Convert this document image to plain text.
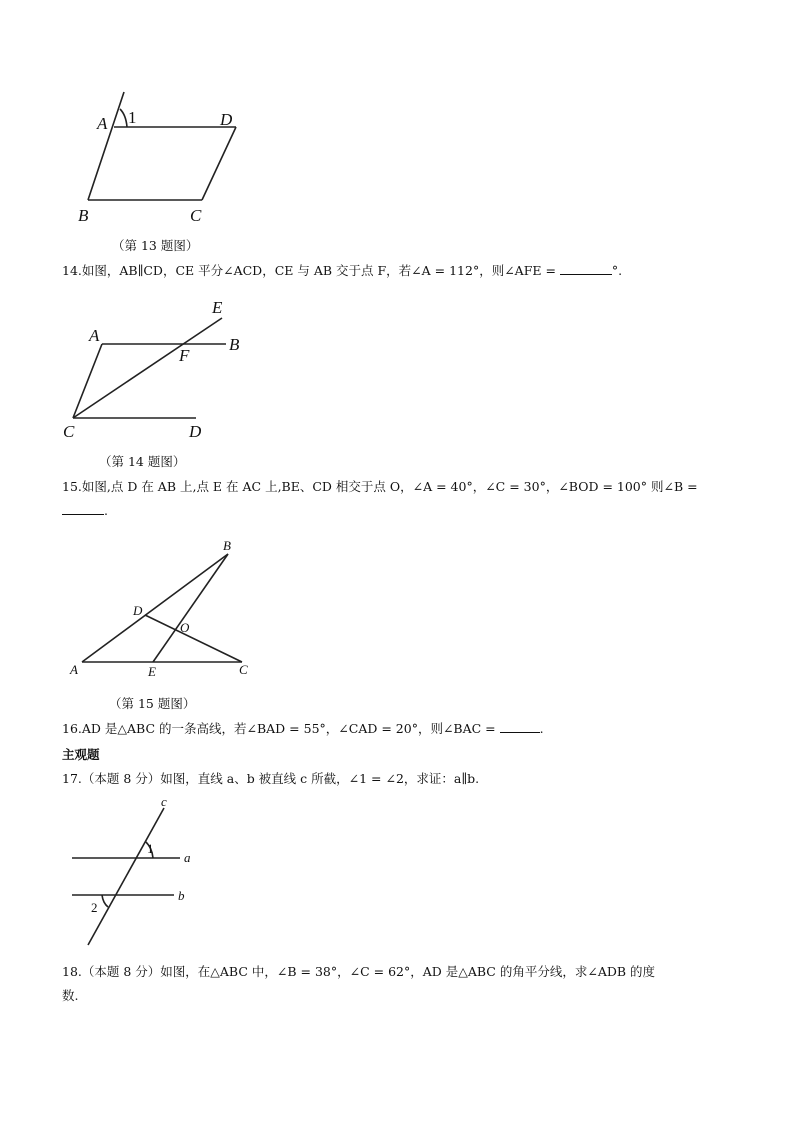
A 1	D
B	C
（第 13 题图）
14.如图，AB∥CD，CE 平分∠ACD，CE 与 AB 交于点 F，若∠A = 112°，则∠AFE =	°.
E
A
F
B
C	D
（第 14 题图）
15.如图,点 D 在 AB 上,点 E 在 AC 上,BE、CD 相交于点 O，∠A = 40°，∠C = 30°，∠BOD = 100° 则∠B =
.
B
D
O
A	E	C
（第 15 题图）
16.AD 是△ABC 的一条高线，若∠BAD = 55°，∠CAD = 20°，则∠BAC =	.
主观题
17.（本题 8 分）如图，直线 a、b 被直线 c 所截，∠1 = ∠2，求证：a∥b.
c
1
a
b
2
18.（本题 8 分）如图，在△ABC 中，∠B = 38°，∠C = 62°，AD 是△ABC 的角平分线，求∠ADB 的度
数.
